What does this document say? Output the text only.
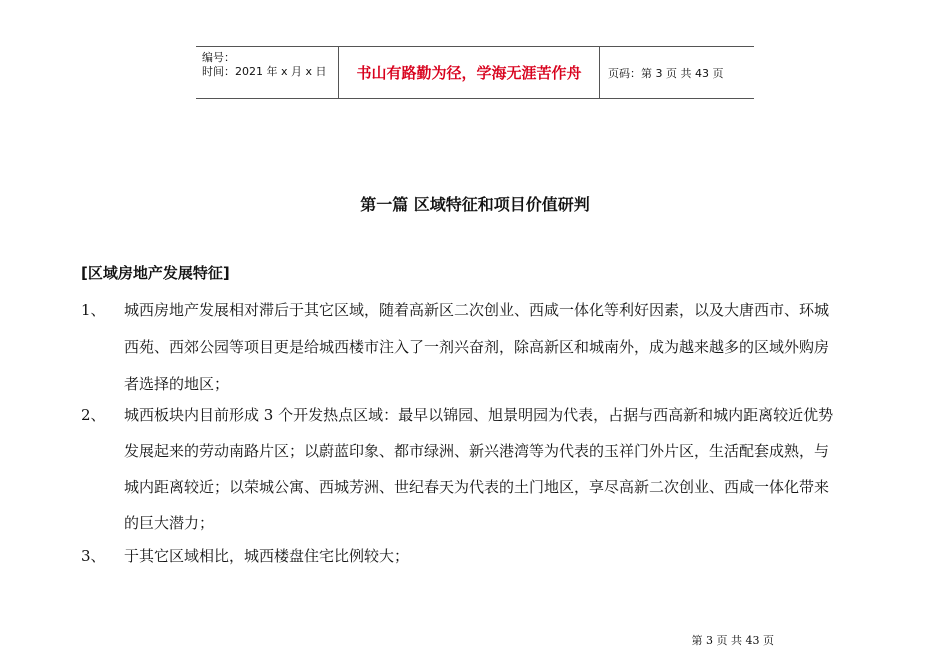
编号：
时间：2021 年 x 月 x 日	书山有路勤为径，学海无涯苦作舟	页码：第 3 页 共 43 页
第一篇 区域特征和项目价值研判
[区域房地产发展特征]
1、 城西房地产发展相对滞后于其它区域，随着高新区二次创业、西咸一体化等利好因素，以及大唐西市、环城
西苑、西郊公园等项目更是给城西楼市注入了一剂兴奋剂，除高新区和城南外，成为越来越多的区域外购房
者选择的地区；
2、 城西板块内目前形成 3 个开发热点区域：最早以锦园、旭景明园为代表，占据与西高新和城内距离较近优势
发展起来的劳动南路片区；以蔚蓝印象、都市绿洲、新兴港湾等为代表的玉祥门外片区，生活配套成熟，与
城内距离较近；以荣城公寓、西城芳洲、世纪春天为代表的土门地区，享尽高新二次创业、西咸一体化带来
的巨大潜力；
3、 于其它区域相比，城西楼盘住宅比例较大；
第 3 页 共 43 页
